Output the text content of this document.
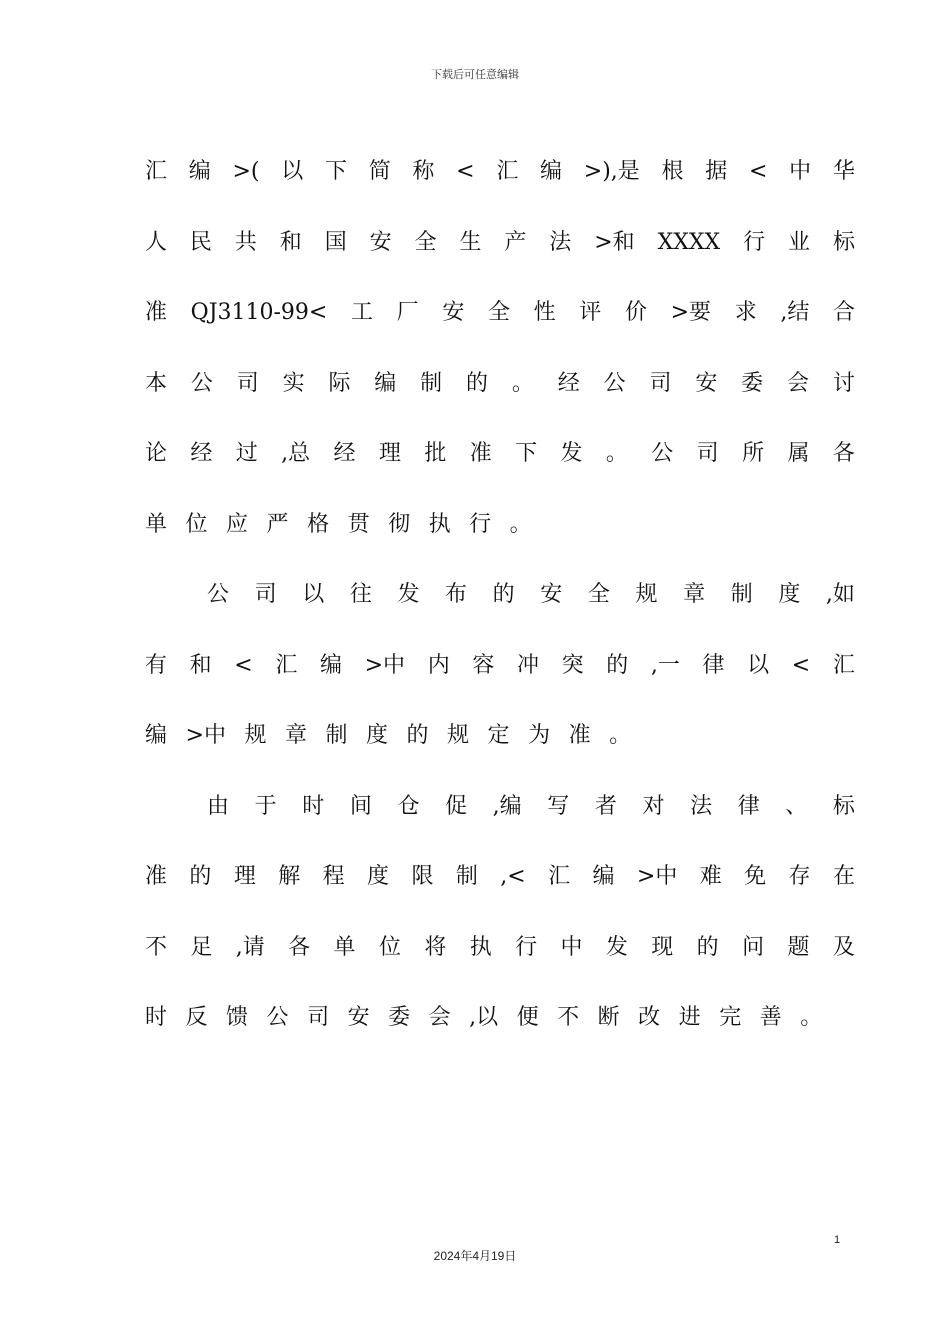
下载后可任意编辑
汇 编 >( 以 下 简 称 < 汇 编 >),是 根 据 < 中 华
人 民 共 和 国 安 全 生 产 法 >和 XXXX 行 业 标
准 QJ3110-99< 工 厂 安 全 性 评 价 >要 求 ,结 合
本 公 司 实 际 编 制 的 。 经 公 司 安 委 会 讨
论 经 过 ,总 经 理 批 准 下 发 。 公 司 所 属 各
单 位 应 严 格 贯 彻 执 行 。
公 司 以 往 发 布 的 安 全 规 章 制 度 ,如
有 和 < 汇 编 >中 内 容 冲 突 的 ,一 律 以 < 汇
编 >中 规 章 制 度 的 规 定 为 准 。
由 于 时 间 仓 促 ,编 写 者 对 法 律 、 标
准 的 理 解 程 度 限 制 ,< 汇 编 >中 难 免 存 在
不 足 ,请 各 单 位 将 执 行 中 发 现 的 问 题 及
时 反 馈 公 司 安 委 会 ,以 便 不 断 改 进 完 善 。
1
2024年4月19日
